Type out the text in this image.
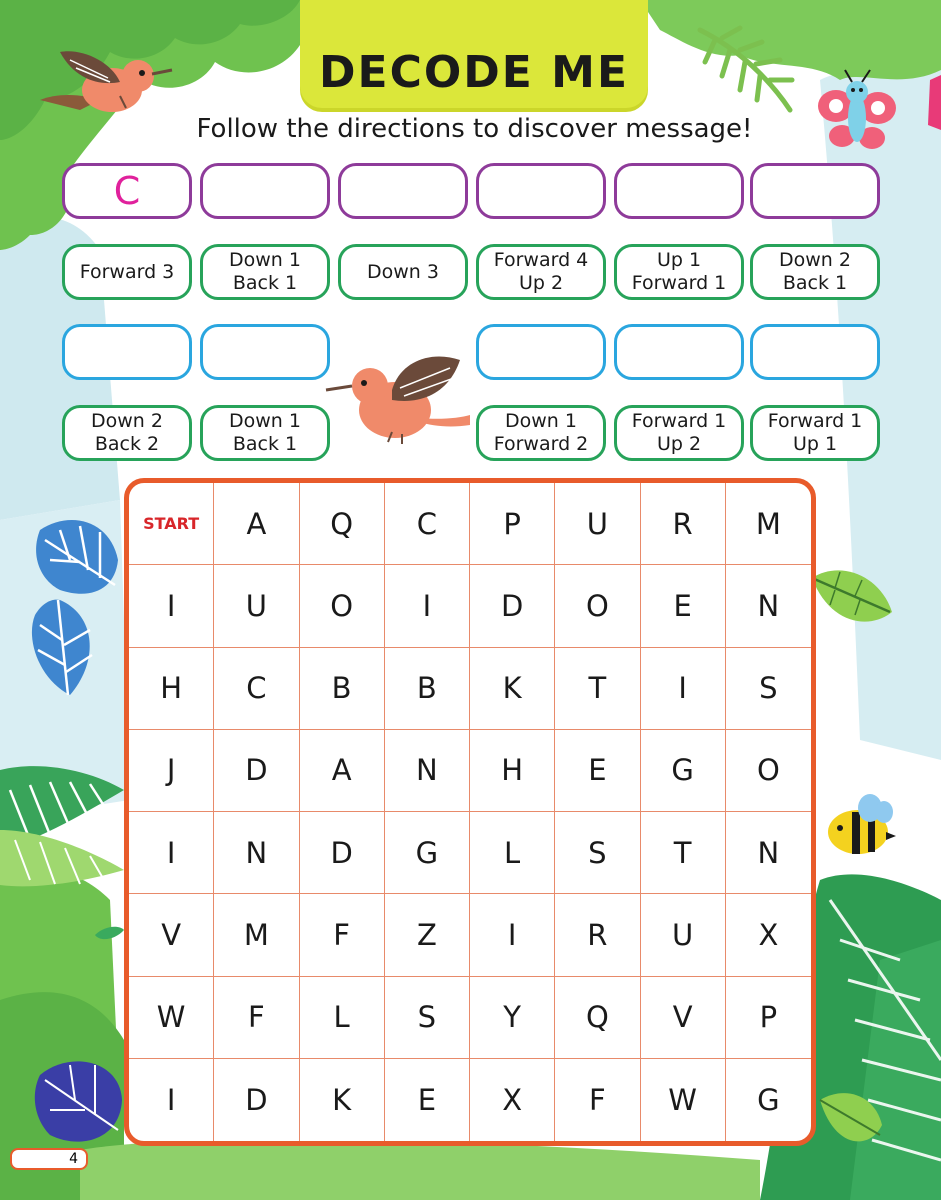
DECODE ME
Follow the directions to discover message!
C
Forward 3
Down 1
Back 1
Down 3
Forward 4
Up 2
Up 1
Forward 1
Down 2
Back 1
Down 2
Back 2
Down 1
Back 1
Down 1
Forward 2
Forward 1
Up 2
Forward 1
Up 1
START	A	Q	C	P	U	R	M
I	U	O	I	D	O	E	N
H	C	B	B	K	T	I	S
J	D	A	N	H	E	G	O
I	N	D	G	L	S	T	N
V	M	F	Z	I	R	U	X
W	F	L	S	Y	Q	V	P
I	D	K	E	X	F	W	G
4
